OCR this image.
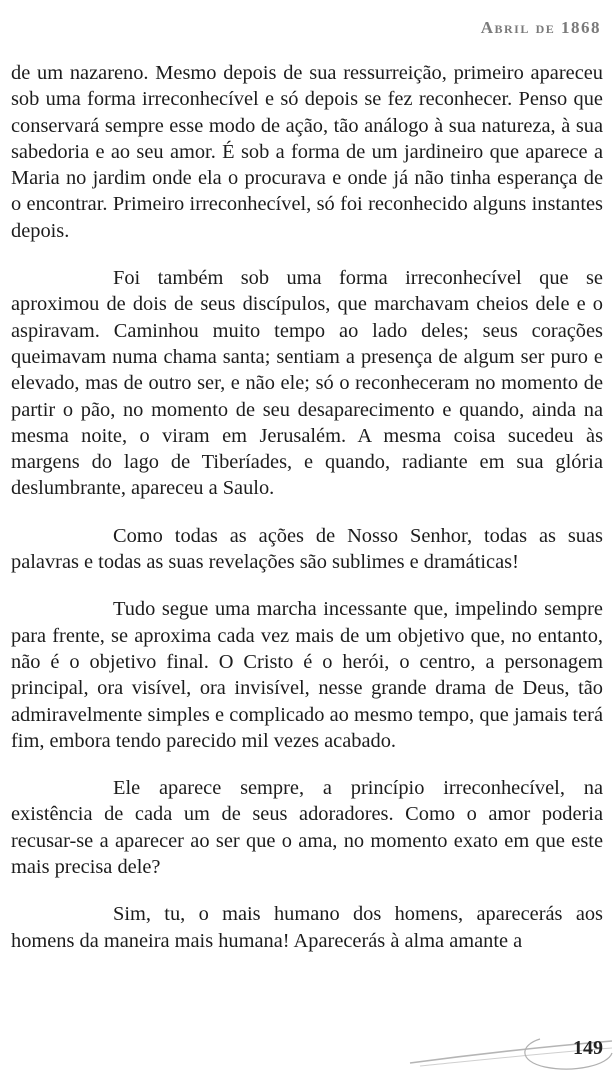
Abril de 1868

de um nazareno. Mesmo depois de sua ressurreição, primeiro apareceu sob uma forma irreconhecível e só depois se fez reconhecer. Penso que conservará sempre esse modo de ação, tão análogo à sua natureza, à sua sabedoria e ao seu amor. É sob a forma de um jardineiro que aparece a Maria no jardim onde ela o procurava e onde já não tinha esperança de o encontrar. Primeiro irreconhecível, só foi reconhecido alguns instantes depois.

Foi também sob uma forma irreconhecível que se aproximou de dois de seus discípulos, que marchavam cheios dele e o aspiravam. Caminhou muito tempo ao lado deles; seus corações queimavam numa chama santa; sentiam a presença de algum ser puro e elevado, mas de outro ser, e não ele; só o reconheceram no momento de partir o pão, no momento de seu desaparecimento e quando, ainda na mesma noite, o viram em Jerusalém. A mesma coisa sucedeu às margens do lago de Tiberíades, e quando, radiante em sua glória deslumbrante, apareceu a Saulo.

Como todas as ações de Nosso Senhor, todas as suas palavras e todas as suas revelações são sublimes e dramáticas!

Tudo segue uma marcha incessante que, impelindo sempre para frente, se aproxima cada vez mais de um objetivo que, no entanto, não é o objetivo final. O Cristo é o herói, o centro, a personagem principal, ora visível, ora invisível, nesse grande drama de Deus, tão admiravelmente simples e complicado ao mesmo tempo, que jamais terá fim, embora tendo parecido mil vezes acabado.

Ele aparece sempre, a princípio irreconhecível, na existência de cada um de seus adoradores. Como o amor poderia recusar-se a aparecer ao ser que o ama, no momento exato em que este mais precisa dele?

Sim, tu, o mais humano dos homens, aparecerás aos homens da maneira mais humana! Aparecerás à alma amante a

149
